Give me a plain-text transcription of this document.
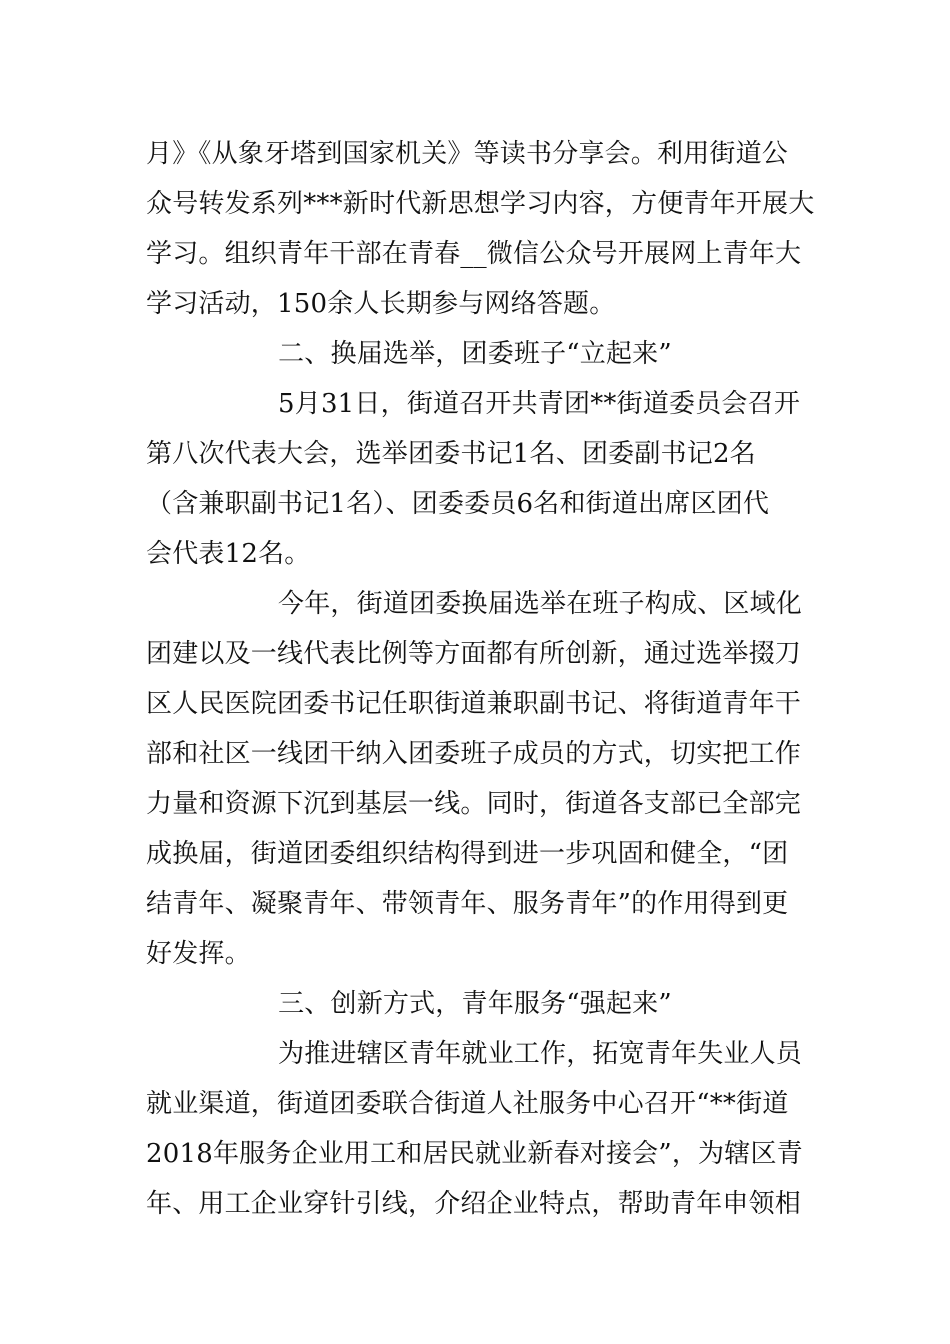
月》《从象牙塔到国家机关》等读书分享会。利用街道公
众号转发系列***新时代新思想学习内容，方便青年开展大
学习。组织青年干部在青春__微信公众号开展网上青年大
学习活动，150余人长期参与网络答题。
二、换届选举，团委班子“立起来”
5月31日，街道召开共青团**街道委员会召开
第八次代表大会，选举团委书记1名、团委副书记2名
（含兼职副书记1名）、团委委员6名和街道出席区团代
会代表12名。
今年，街道团委换届选举在班子构成、区域化
团建以及一线代表比例等方面都有所创新，通过选举掇刀
区人民医院团委书记任职街道兼职副书记、将街道青年干
部和社区一线团干纳入团委班子成员的方式，切实把工作
力量和资源下沉到基层一线。同时，街道各支部已全部完
成换届，街道团委组织结构得到进一步巩固和健全，“团
结青年、凝聚青年、带领青年、服务青年”的作用得到更
好发挥。
三、创新方式，青年服务“强起来”
为推进辖区青年就业工作，拓宽青年失业人员
就业渠道，街道团委联合街道人社服务中心召开“**街道
2018年服务企业用工和居民就业新春对接会”，为辖区青
年、用工企业穿针引线，介绍企业特点，帮助青年申领相
